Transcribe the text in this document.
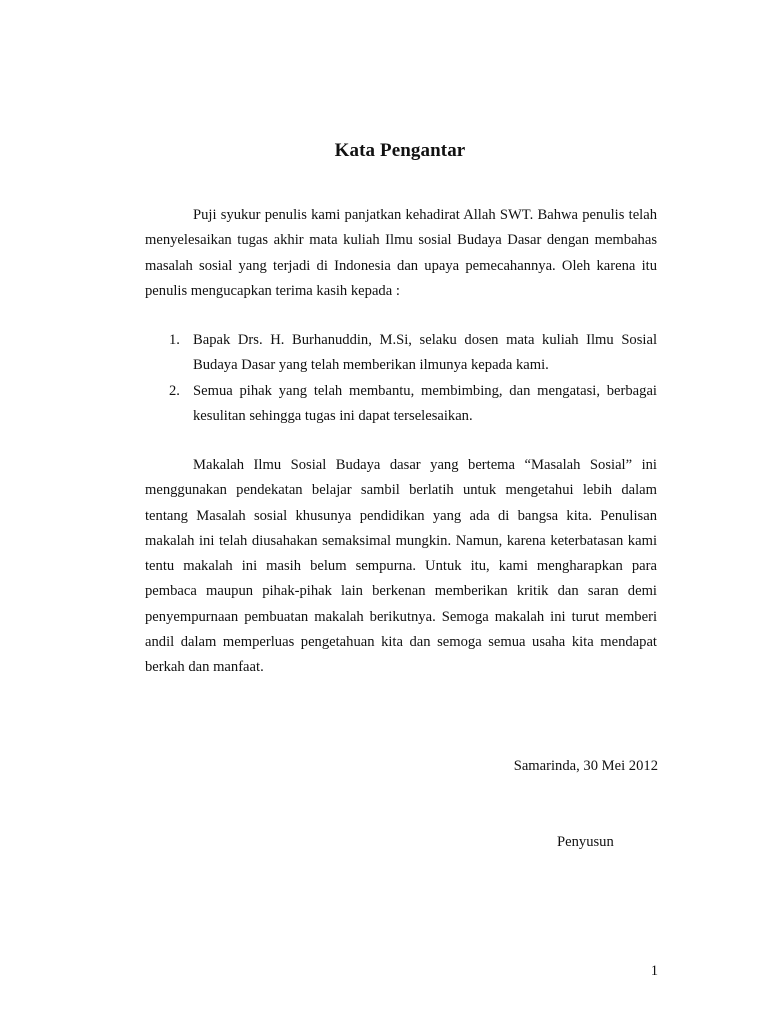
Kata Pengantar
Puji syukur penulis kami panjatkan kehadirat Allah SWT. Bahwa penulis telah menyelesaikan tugas akhir mata kuliah Ilmu sosial Budaya Dasar dengan membahas masalah sosial yang terjadi di Indonesia dan upaya pemecahannya. Oleh karena itu penulis mengucapkan terima kasih kepada :
1. Bapak Drs. H. Burhanuddin, M.Si, selaku dosen mata kuliah Ilmu Sosial Budaya Dasar yang telah memberikan ilmunya kepada kami.
2. Semua pihak yang telah membantu, membimbing, dan mengatasi, berbagai kesulitan sehingga tugas ini dapat terselesaikan.
Makalah Ilmu Sosial Budaya dasar yang bertema “Masalah Sosial” ini menggunakan pendekatan belajar sambil berlatih untuk mengetahui lebih dalam tentang Masalah sosial khusunya pendidikan yang ada di bangsa kita. Penulisan makalah ini telah diusahakan semaksimal mungkin. Namun, karena keterbatasan kami tentu makalah ini masih belum sempurna. Untuk itu, kami mengharapkan para pembaca maupun pihak-pihak lain berkenan memberikan kritik dan saran demi penyempurnaan pembuatan makalah berikutnya. Semoga makalah ini turut memberi andil dalam memperluas pengetahuan kita dan semoga semua usaha kita mendapat berkah dan manfaat.
Samarinda, 30 Mei 2012
Penyusun
1
